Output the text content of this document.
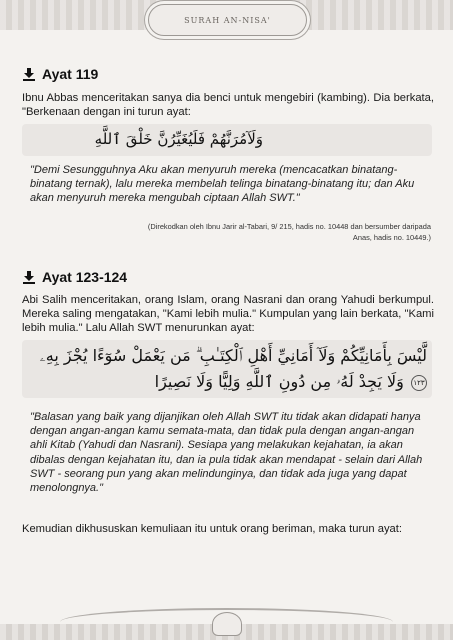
SURAH AN-NISA'
Ayat 119
Ibnu Abbas menceritakan sanya dia benci untuk mengebiri (kambing). Dia berkata, "Berkenaan dengan ini turun ayat:
وَلَآمُرَنَّهُمْ فَلَيُغَيِّرُنَّ خَلْقَ ٱللَّهِ
"Demi Sesungguhnya Aku akan menyuruh mereka (mencacatkan binatang-binatang ternak), lalu mereka membelah telinga binatang-binatang itu; dan Aku akan menyuruh mereka mengubah ciptaan Allah SWT."
(Direkodkan oleh Ibnu Jarir al-Tabari, 9/ 215, hadis no. 10448 dan bersumber daripada Anas, hadis no. 10449.)
Ayat 123-124
Abi Salih menceritakan, orang Islam, orang Nasrani dan orang Yahudi berkumpul. Mereka saling mengatakan, "Kami lebih mulia." Kumpulan yang lain berkata, "Kami lebih mulia." Lalu Allah SWT menurunkan ayat:
لَّيْسَ بِأَمَانِيِّكُمْ وَلَآ أَمَانِيِّ أَهْلِ ٱلْكِتَـٰبِ ۗ مَن يَعْمَلْ سُوٓءًا يُجْزَ بِهِۦ
١٢٣ وَلَا يَجِدْ لَهُۥ مِن دُونِ ٱللَّهِ وَلِيًّا وَلَا نَصِيرًا
"Balasan yang baik yang dijanjikan oleh Allah SWT itu tidak akan didapati hanya dengan angan-angan kamu semata-mata, dan tidak pula dengan angan-angan ahli Kitab (Yahudi dan Nasrani). Sesiapa yang melakukan kejahatan, ia akan dibalas dengan kejahatan itu, dan ia pula tidak akan mendapat - selain dari Allah SWT - seorang pun yang akan melindunginya, dan tidak ada juga yang dapat menolongnya."
Kemudian dikhususkan kemuliaan itu untuk orang beriman, maka turun ayat:
